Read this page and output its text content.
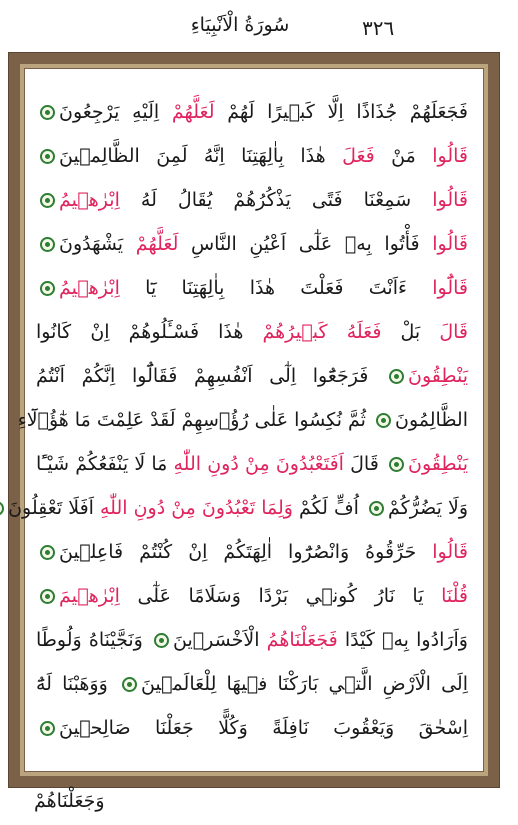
سُورَةُ الْاَنْبِيَاءِ	٣٢٦
فَجَعَلَهُمْ جُذَاذًا اِلَّا كَب۪يرًا لَهُمْ لَعَلَّهُمْ اِلَيْهِ يَرْجِعُونَ
قَالُوا مَنْ فَعَلَ هٰذَا بِاٰلِهَتِنَا اِنَّهُ لَمِنَ الظَّالِم۪ينَ
قَالُوا سَمِعْنَا فَتًى يَذْكُرُهُمْ يُقَالُ لَهُ اِبْرٰه۪يمُ
قَالُوا فَأْتُوا بِه۪ عَلٰٓى اَعْيُنِ النَّاسِ لَعَلَّهُمْ يَشْهَدُونَ
قَالُٓوا ءَاَنْتَ فَعَلْتَ هٰذَا بِاٰلِهَتِنَا يَٓا اِبْرٰه۪يمُ
قَالَ بَلْ فَعَلَهُ كَب۪يرُهُمْ هٰذَا فَسْـَٔلُوهُمْ اِنْ كَانُوا
يَنْطِقُونَ فَرَجَعُٓوا اِلٰٓى اَنْفُسِهِمْ فَقَالُٓوا اِنَّكُمْ اَنْتُمُ
الظَّالِمُونَ ثُمَّ نُكِسُوا عَلٰى رُؤُ۫سِهِمْ لَقَدْ عَلِمْتَ مَا هٰٓؤُ۬لَٓاءِ
يَنْطِقُونَ قَالَ اَفَتَعْبُدُونَ مِنْ دُونِ اللّٰهِ مَا لَا يَنْفَعُكُمْ شَيْـًٔا
وَلَا يَضُرُّكُمْ اُفٍّ لَكُمْ وَلِمَا تَعْبُدُونَ مِنْ دُونِ اللّٰهِ اَفَلَا تَعْقِلُونَ
قَالُوا حَرِّقُوهُ وَانْصُرُٓوا اٰلِهَتَكُمْ اِنْ كُنْتُمْ فَاعِل۪ينَ
قُلْنَا يَا نَارُ كُون۪ي بَرْدًا وَسَلَامًا عَلٰٓى اِبْرٰه۪يمَ
وَاَرَادُوا بِه۪ كَيْدًا فَجَعَلْنَاهُمُ الْاَخْسَر۪ينَ وَنَجَّيْنَاهُ وَلُوطًا
اِلَى الْاَرْضِ الَّت۪ي بَارَكْنَا ف۪يهَا لِلْعَالَم۪ينَ وَوَهَبْنَا لَهُٓ
اِسْحٰقَ وَيَعْقُوبَ نَافِلَةً وَكُلًّا جَعَلْنَا صَالِح۪ينَ
وَجَعَلْنَاهُمْ
